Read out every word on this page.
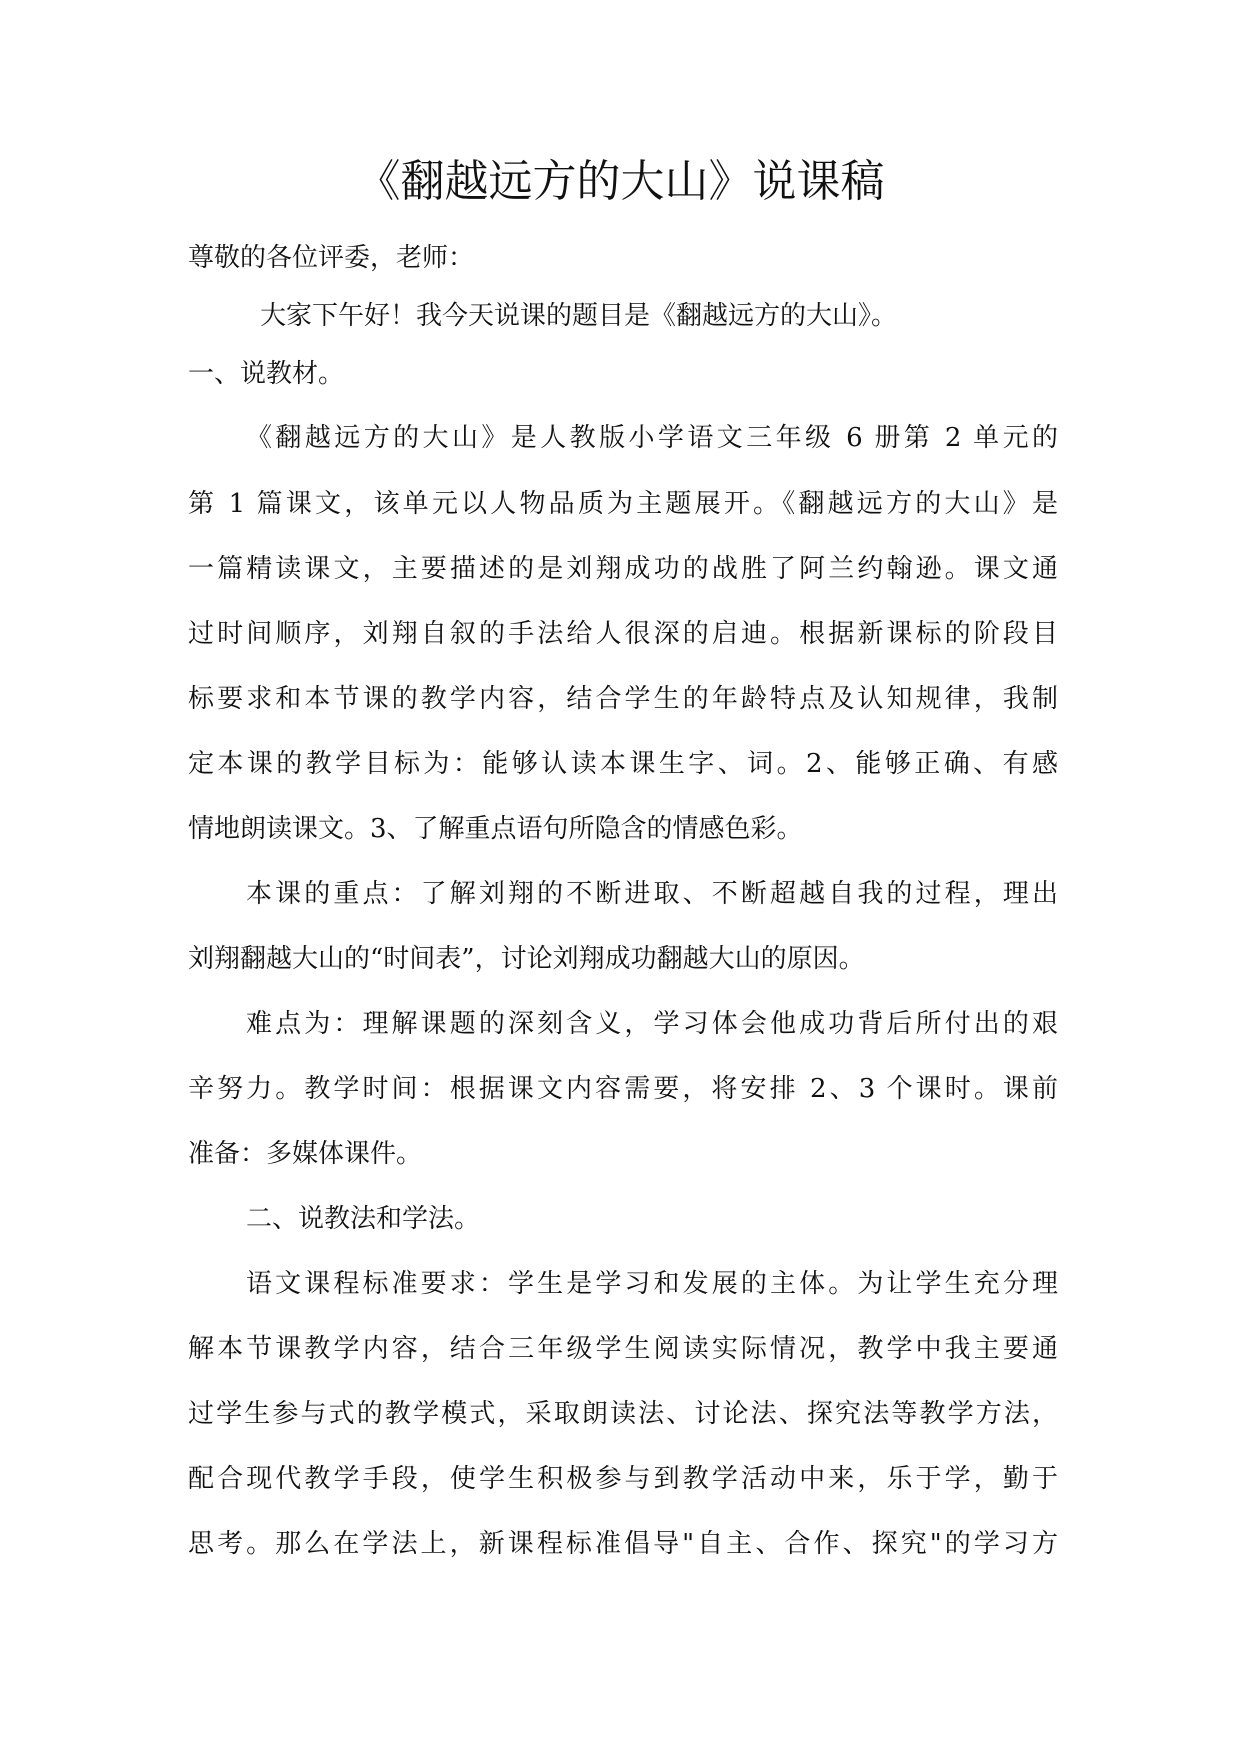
《翻越远方的大山》说课稿
尊敬的各位评委，老师：
大家下午好！我今天说课的题目是《翻越远方的大山》。
一、说教材。
《翻越远方的大山》是人教版小学语文三年级 6 册第 2 单元的
第 1 篇课文，该单元以人物品质为主题展开。《翻越远方的大山》是
一篇精读课文，主要描述的是刘翔成功的战胜了阿兰约翰逊。课文通
过时间顺序，刘翔自叙的手法给人很深的启迪。根据新课标的阶段目
标要求和本节课的教学内容，结合学生的年龄特点及认知规律，我制
定本课的教学目标为：能够认读本课生字、词。2、能够正确、有感
情地朗读课文。3、了解重点语句所隐含的情感色彩。
本课的重点：了解刘翔的不断进取、不断超越自我的过程，理出
刘翔翻越大山的“时间表”，讨论刘翔成功翻越大山的原因。
难点为：理解课题的深刻含义，学习体会他成功背后所付出的艰
辛努力。教学时间：根据课文内容需要，将安排 2、3 个课时。课前
准备：多媒体课件。
二、说教法和学法。
语文课程标准要求：学生是学习和发展的主体。为让学生充分理
解本节课教学内容，结合三年级学生阅读实际情况，教学中我主要通
过学生参与式的教学模式，采取朗读法、讨论法、探究法等教学方法，
配合现代教学手段，使学生积极参与到教学活动中来，乐于学，勤于
思考。那么在学法上，新课程标准倡导"自主、合作、探究"的学习方
